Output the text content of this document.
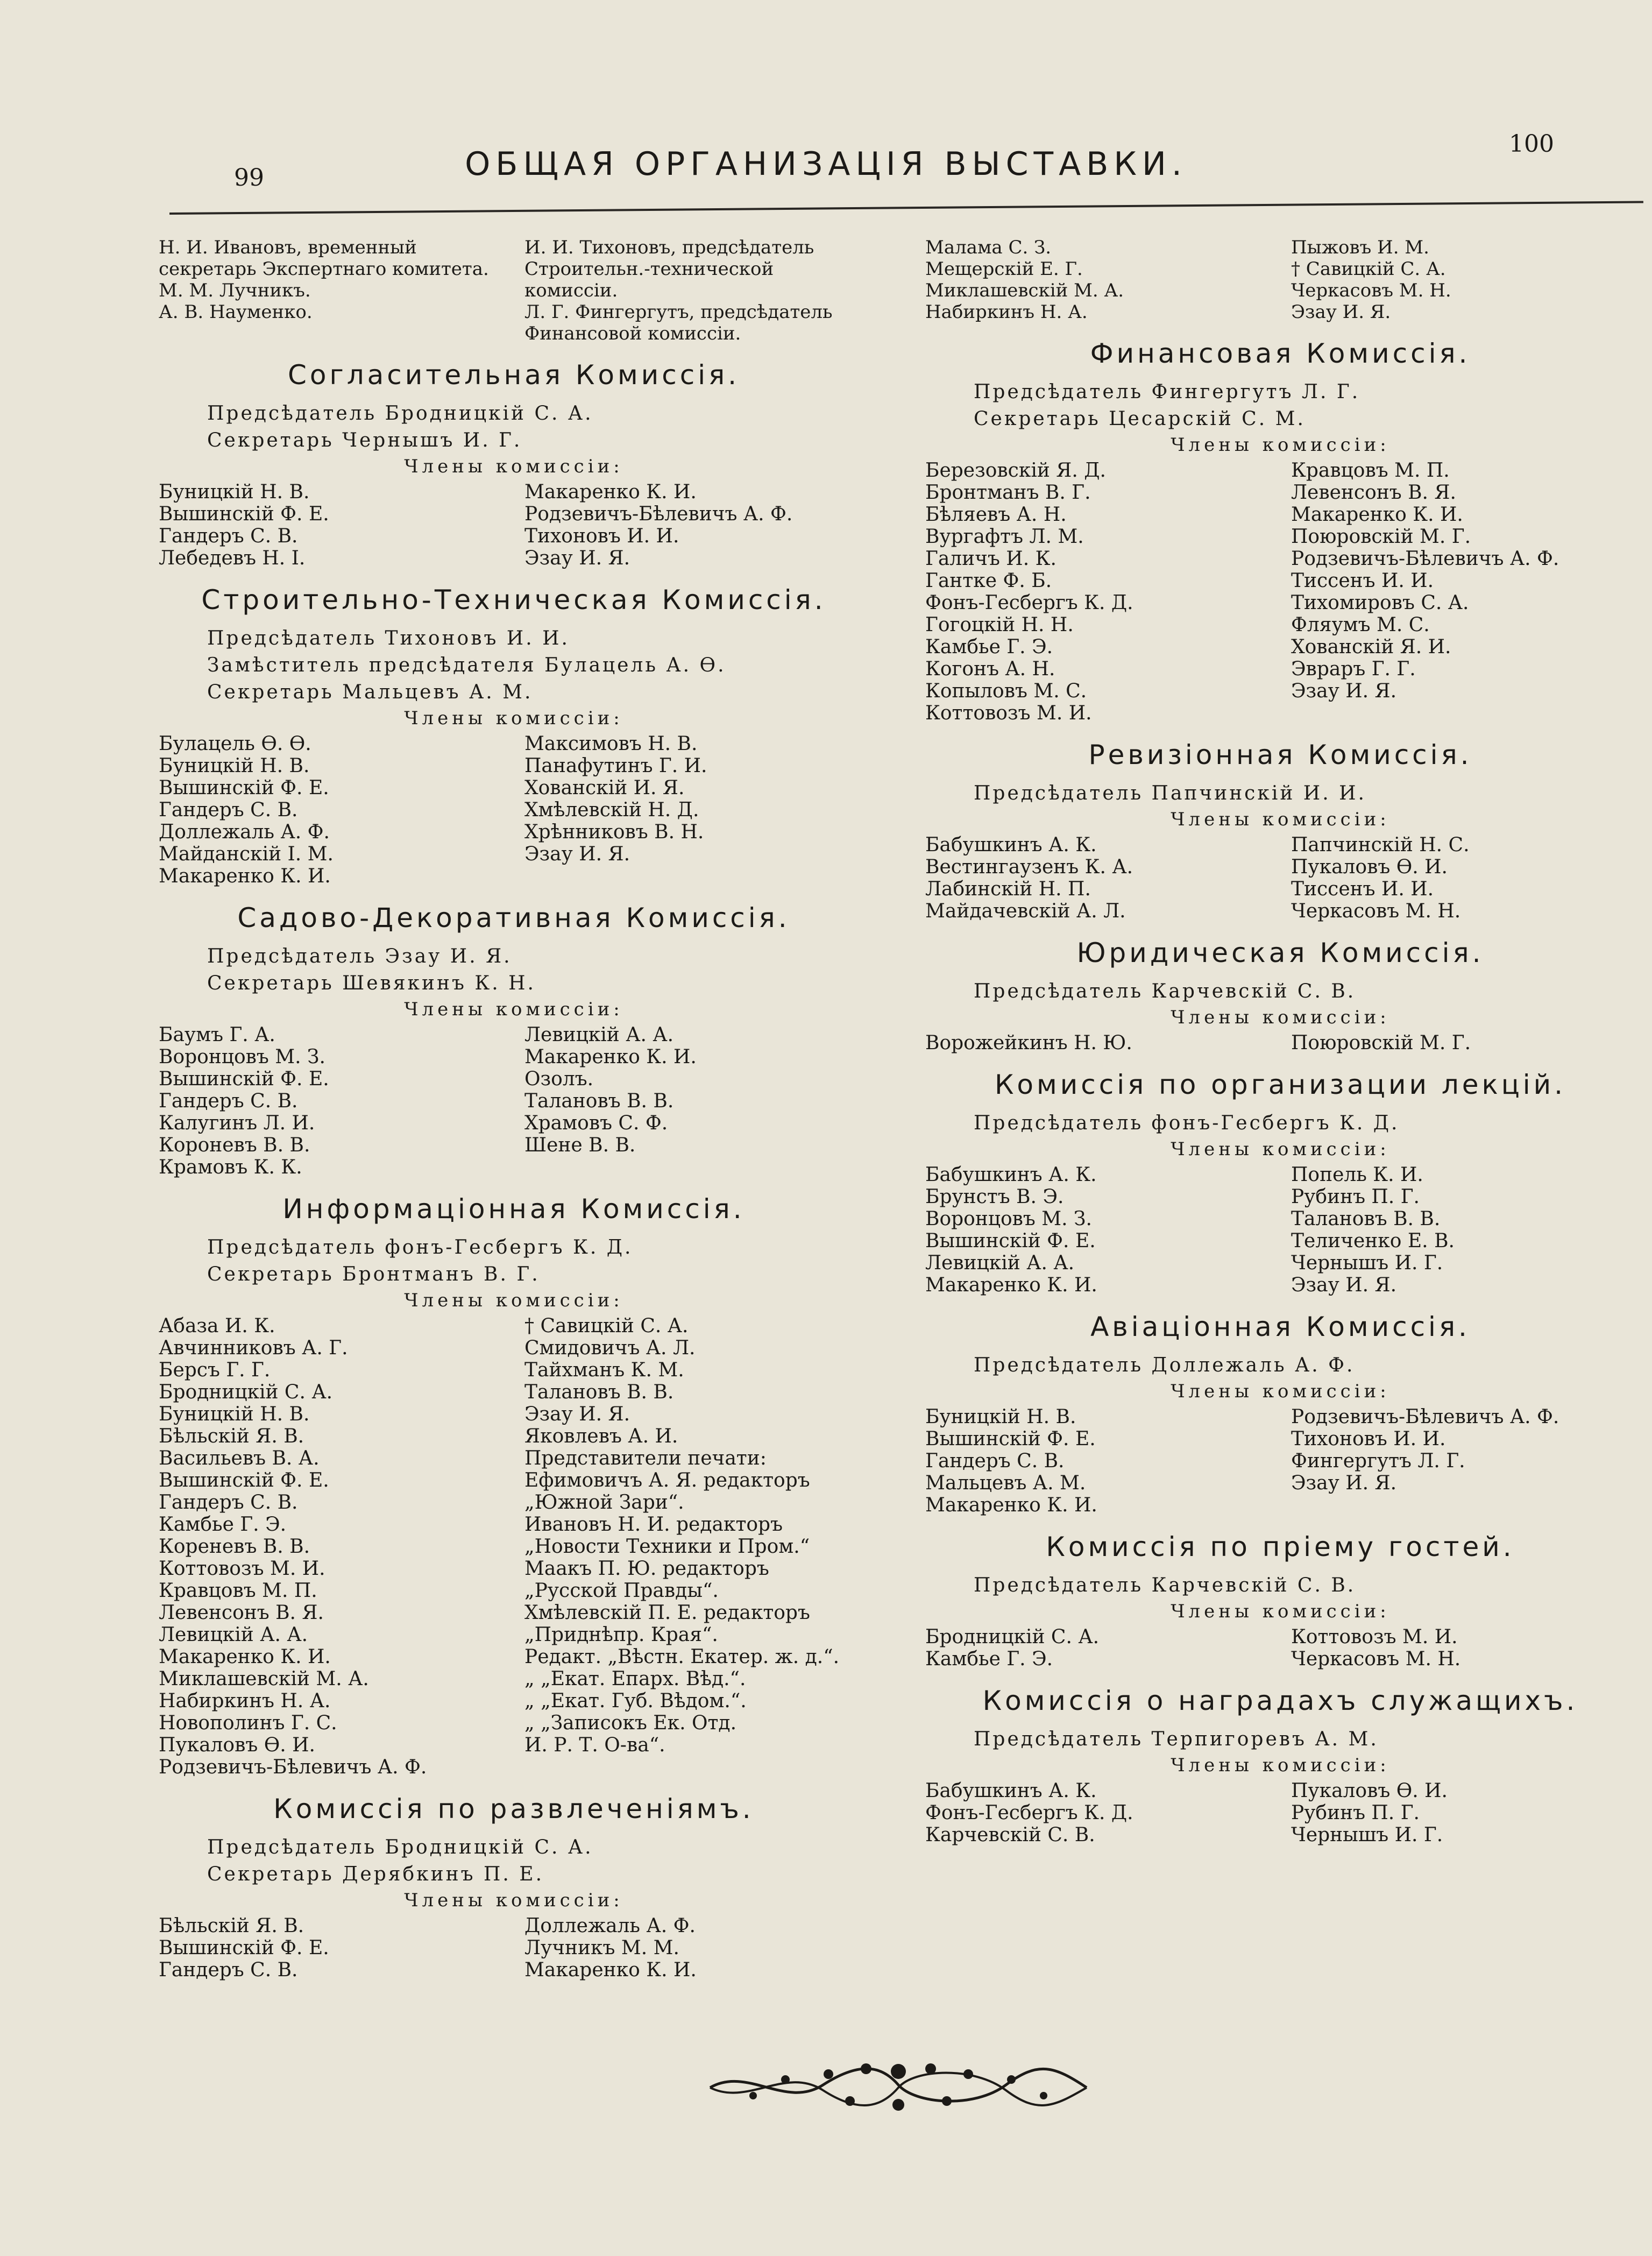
99	ОБЩАЯ ОРГАНИЗАЦІЯ ВЫСТАВКИ.
100
Н. И. Ивановъ, временный секретарь Экспертнаго комитета.
М. М. Лучникъ.
А. В. Науменко.
И. И. Тихоновъ, предсѣдатель Строительн.-технической комиссіи.
Л. Г. Фингергутъ, предсѣдатель Финансовой комиссіи.
Согласительная Комиссія.
Предсѣдатель Бродницкій С. А.
Секретарь Чернышъ И. Г.
Члены комиссіи:
Буницкій Н. В.
Вышинскій Ф. Е.
Гандеръ С. В.
Лебедевъ Н. I.
Макаренко К. И.
Родзевичъ-Бѣлевичъ А. Ф.
Тихоновъ И. И.
Эзау И. Я.
Строительно-Техническая Комиссія.
Предсѣдатель Тихоновъ И. И.
Замѣститель предсѣдателя Булацель А. Ѳ.
Секретарь Мальцевъ А. М.
Члены комиссіи:
Булацель Ѳ. Ѳ.
Буницкій Н. В.
Вышинскій Ф. Е.
Гандеръ С. В.
Доллежаль А. Ф.
Майданскій I. М.
Макаренко К. И.
Максимовъ Н. В.
Панафутинъ Г. И.
Хованскій И. Я.
Хмѣлевскій Н. Д.
Хрѣнниковъ В. Н.
Эзау И. Я.
Садово-Декоративная Комиссія.
Предсѣдатель Эзау И. Я.
Секретарь Шевякинъ К. Н.
Члены комиссіи:
Баумъ Г. А.
Воронцовъ М. З.
Вышинскій Ф. Е.
Гандеръ С. В.
Калугинъ Л. И.
Короневъ В. В.
Крамовъ К. К.
Левицкій А. А.
Макаренко К. И.
Озолъ.
Талановъ В. В.
Храмовъ С. Ф.
Шене В. В.
Информаціонная Комиссія.
Предсѣдатель фонъ-Гесбергъ К. Д.
Секретарь Бронтманъ В. Г.
Члены комиссіи:
Абаза И. К.
Авчинниковъ А. Г.
Берсъ Г. Г.
Бродницкій С. А.
Буницкій Н. В.
Бѣльскій Я. В.
Васильевъ В. А.
Вышинскій Ф. Е.
Гандеръ С. В.
Камбье Г. Э.
Кореневъ В. В.
Коттовозъ М. И.
Кравцовъ М. П.
Левенсонъ В. Я.
Левицкій А. А.
Макаренко К. И.
Миклашевскій М. А.
Набиркинъ Н. А.
Новополинъ Г. С.
Пукаловъ Ѳ. И.
Родзевичъ-Бѣлевичъ А. Ф.
† Савицкій С. А.
Смидовичъ А. Л.
Тайхманъ К. М.
Талановъ В. В.
Эзау И. Я.
Яковлевъ А. И.
Представители печати:
Ефимовичъ А. Я. редакторъ
„Южной Зари“.
Ивановъ Н. И. редакторъ
„Новости Техники и Пром.“
Маакъ П. Ю. редакторъ
„Русской Правды“.
Хмѣлевскій П. Е. редакторъ
„Приднѣпр. Края“.
Редакт. „Вѣстн. Екатер. ж. д.“.
„ „Екат. Епарх. Вѣд.“.
„ „Екат. Губ. Вѣдом.“.
„ „Записокъ Ек. Отд.
И. Р. Т. О-ва“.
Комиссія по развлеченіямъ.
Предсѣдатель Бродницкій С. А.
Секретарь Дерябкинъ П. Е.
Члены комиссіи:
Бѣльскій Я. В.
Вышинскій Ф. Е.
Гандеръ С. В.
Доллежаль А. Ф.
Лучникъ М. М.
Макаренко К. И.
Малама С. З.
Мещерскій Е. Г.
Миклашевскій М. А.
Набиркинъ Н. А.
Пыжовъ И. М.
† Савицкій С. А.
Черкасовъ М. Н.
Эзау И. Я.
Финансовая Комиссія.
Предсѣдатель Фингергутъ Л. Г.
Секретарь Цесарскій С. М.
Члены комиссіи:
Березовскій Я. Д.
Бронтманъ В. Г.
Бѣляевъ А. Н.
Вургафтъ Л. М.
Галичъ И. К.
Гантке Ф. Б.
Фонъ-Гесбергъ К. Д.
Гогоцкій Н. Н.
Камбье Г. Э.
Когонъ А. Н.
Копыловъ М. С.
Коттовозъ М. И.
Кравцовъ М. П.
Левенсонъ В. Я.
Макаренко К. И.
Поюровскій М. Г.
Родзевичъ-Бѣлевичъ А. Ф.
Тиссенъ И. И.
Тихомировъ С. А.
Фляумъ М. С.
Хованскій Я. И.
Эвраръ Г. Г.
Эзау И. Я.
Ревизіонная Комиссія.
Предсѣдатель Папчинскій И. И.
Члены комиссіи:
Бабушкинъ А. К.
Вестингаузенъ К. А.
Лабинскій Н. П.
Майдачевскій А. Л.
Папчинскій Н. С.
Пукаловъ Ѳ. И.
Тиссенъ И. И.
Черкасовъ М. Н.
Юридическая Комиссія.
Предсѣдатель Карчевскій С. В.
Члены комиссіи:
Ворожейкинъ Н. Ю.	Поюровскій М. Г.
Комиссія по организации лекцій.
Предсѣдатель фонъ-Гесбергъ К. Д.
Члены комиссіи:
Бабушкинъ А. К.
Брунстъ В. Э.
Воронцовъ М. З.
Вышинскій Ф. Е.
Левицкій А. А.
Макаренко К. И.
Попель К. И.
Рубинъ П. Г.
Талановъ В. В.
Теличенко Е. В.
Чернышъ И. Г.
Эзау И. Я.
Авіаціонная Комиссія.
Предсѣдатель Доллежаль А. Ф.
Члены комиссіи:
Буницкій Н. В.
Вышинскій Ф. Е.
Гандеръ С. В.
Мальцевъ А. М.
Макаренко К. И.
Родзевичъ-Бѣлевичъ А. Ф.
Тихоновъ И. И.
Фингергутъ Л. Г.
Эзау И. Я.
Комиссія по пріему гостей.
Предсѣдатель Карчевскій С. В.
Члены комиссіи:
Бродницкій С. А.
Камбье Г. Э.
Коттовозъ М. И.
Черкасовъ М. Н.
Комиссія о наградахъ служащихъ.
Предсѣдатель Терпигоревъ А. М.
Члены комиссіи:
Бабушкинъ А. К.
Фонъ-Гесбергъ К. Д.
Карчевскій С. В.
Пукаловъ Ѳ. И.
Рубинъ П. Г.
Чернышъ И. Г.
